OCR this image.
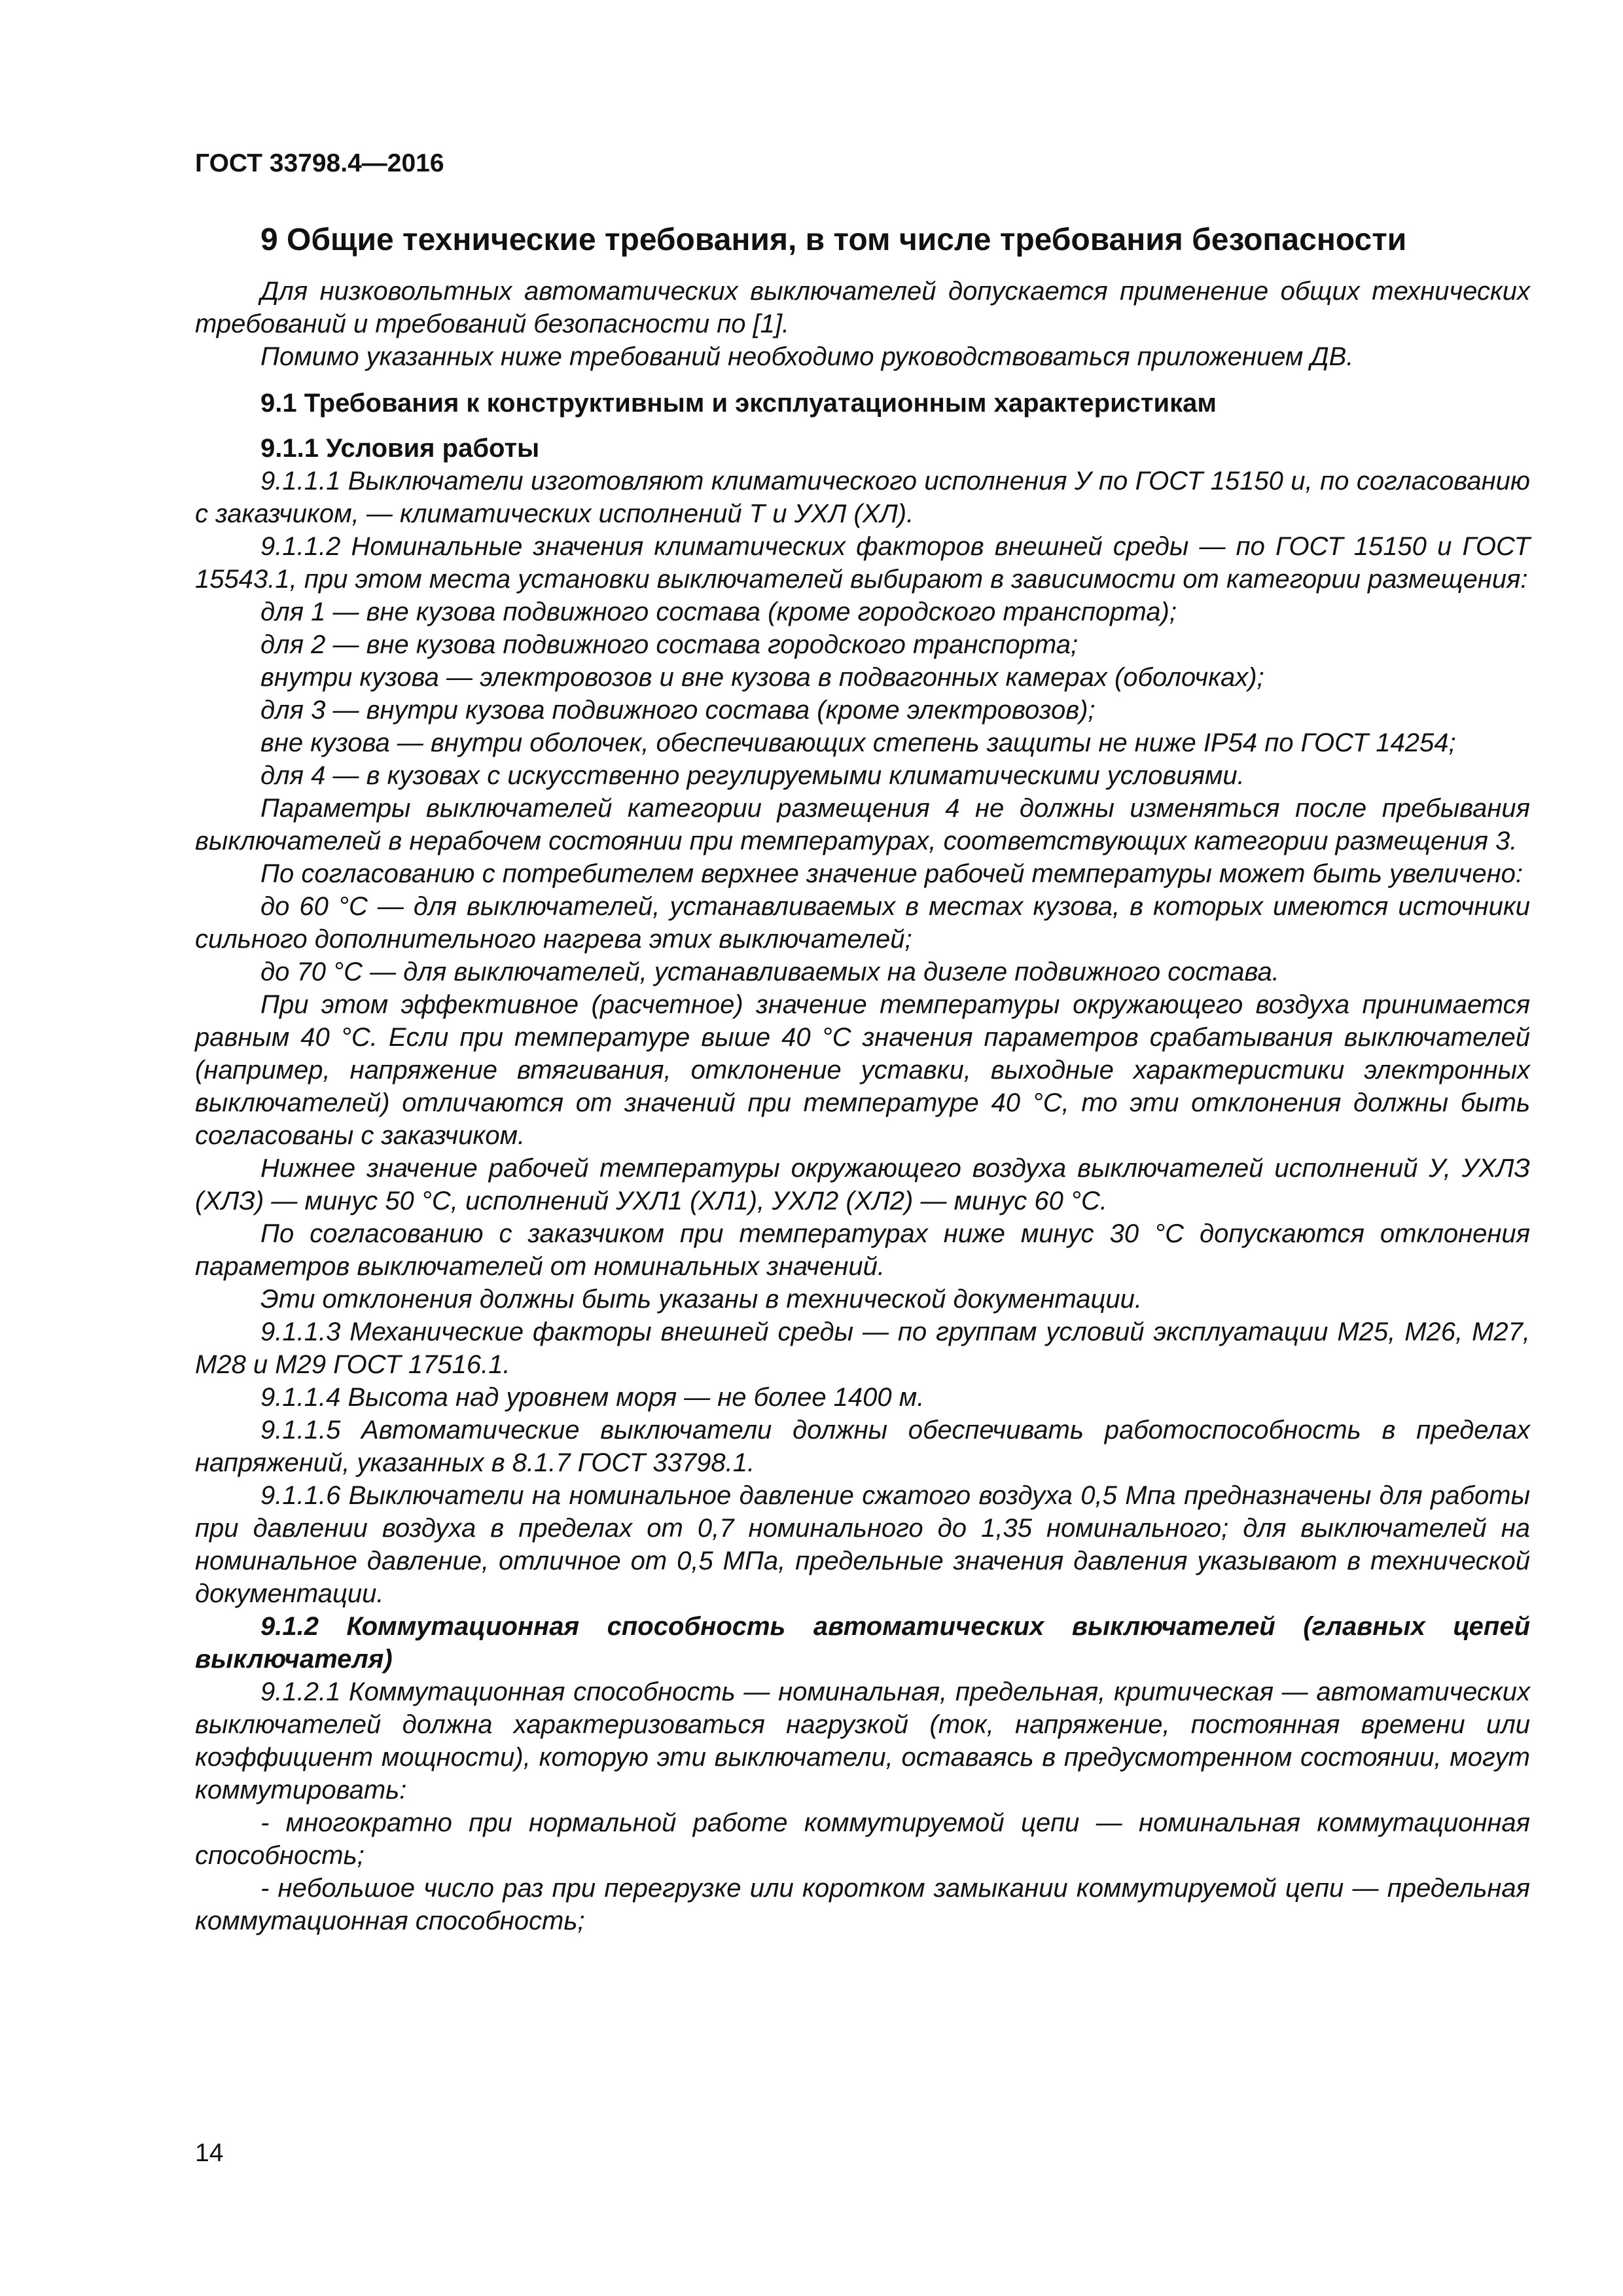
ГОСТ 33798.4—2016
9 Общие технические требования, в том числе требования безопасности

Для низковольтных автоматических выключателей допускается применение общих технических требований и требований безопасности по [1].

Помимо указанных ниже требований необходимо руководствоваться приложением ДВ.

9.1 Требования к конструктивным и эксплуатационным характеристикам
9.1.1 Условия работы

9.1.1.1 Выключатели изготовляют климатического исполнения У по ГОСТ 15150 и, по согласованию с заказчиком, — климатических исполнений Т и УХЛ (ХЛ).

9.1.1.2 Номинальные значения климатических факторов внешней среды — по ГОСТ 15150 и ГОСТ 15543.1, при этом места установки выключателей выбирают в зависимости от категории размещения:

для 1 — вне кузова подвижного состава (кроме городского транспорта);

для 2 — вне кузова подвижного состава городского транспорта;

внутри кузова — электровозов и вне кузова в подвагонных камерах (оболочках);

для 3 — внутри кузова подвижного состава (кроме электровозов);

вне кузова — внутри оболочек, обеспечивающих степень защиты не ниже IP54 по ГОСТ 14254;

для 4 — в кузовах с искусственно регулируемыми климатическими условиями.

Параметры выключателей категории размещения 4 не должны изменяться после пребывания выключателей в нерабочем состоянии при температурах, соответствующих категории размещения 3.

По согласованию с потребителем верхнее значение рабочей температуры может быть увеличено:

до 60 °С — для выключателей, устанавливаемых в местах кузова, в которых имеются источники сильного дополнительного нагрева этих выключателей;

до 70 °С — для выключателей, устанавливаемых на дизеле подвижного состава.

При этом эффективное (расчетное) значение температуры окружающего воздуха принимается равным 40 °С. Если при температуре выше 40 °С значения параметров срабатывания выключателей (например, напряжение втягивания, отклонение уставки, выходные характеристики электронных выключателей) отличаются от значений при температуре 40 °С, то эти отклонения должны быть согласованы с заказчиком.

Нижнее значение рабочей температуры окружающего воздуха выключателей исполнений У, УХЛЗ (ХЛЗ) — минус 50 °С, исполнений УХЛ1 (ХЛ1), УХЛ2 (ХЛ2) — минус 60 °С.

По согласованию с заказчиком при температурах ниже минус 30 °С допускаются отклонения параметров выключателей от номинальных значений.

Эти отклонения должны быть указаны в технической документации.

9.1.1.3 Механические факторы внешней среды — по группам условий эксплуатации М25, М26, М27, М28 и М29 ГОСТ 17516.1.

9.1.1.4 Высота над уровнем моря — не более 1400 м.

9.1.1.5 Автоматические выключатели должны обеспечивать работоспособность в пределах напряжений, указанных в 8.1.7 ГОСТ 33798.1.

9.1.1.6 Выключатели на номинальное давление сжатого воздуха 0,5 Мпа предназначены для работы при давлении воздуха в пределах от 0,7 номинального до 1,35 номинального; для выключателей на номинальное давление, отличное от 0,5 МПа, предельные значения давления указывают в технической документации.

9.1.2 Коммутационная способность автоматических выключателей (главных цепей выключателя)

9.1.2.1 Коммутационная способность — номинальная, предельная, критическая — автоматических выключателей должна характеризоваться нагрузкой (ток, напряжение, постоянная времени или коэффициент мощности), которую эти выключатели, оставаясь в предусмотренном состоянии, могут коммутировать:

- многократно при нормальной работе коммутируемой цепи — номинальная коммутационная способность;

- небольшое число раз при перегрузке или коротком замыкании коммутируемой цепи — предельная коммутационная способность;

14
